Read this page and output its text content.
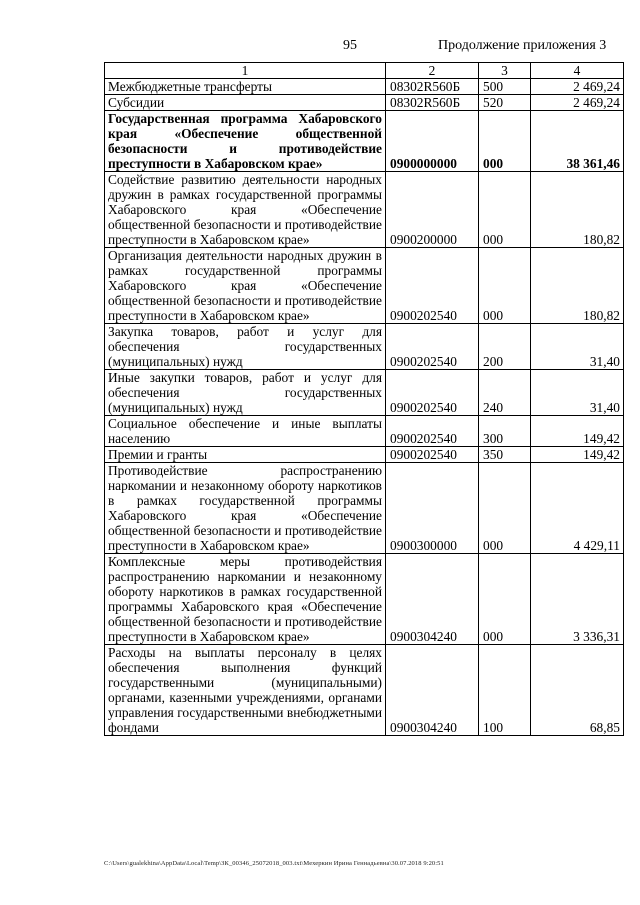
95	Продолжение приложения 3
1	2	3	4
Межбюджетные трансферты	08302R560Б	500	2 469,24
Субсидии	08302R560Б	520	2 469,24
Государственная программа Хабаровского края «Обеспечение общественной безопасности и противодействие преступности в Хабаровском крае»	0900000000	000	38 361,46
Содействие развитию деятельности народных дружин в рамках государственной программы Хабаровского края «Обеспечение общественной безопасности и противодействие преступности в Хабаровском крае»	0900200000	000	180,82
Организация деятельности народных дружин в рамках государственной программы Хабаровского края «Обеспечение общественной безопасности и противодействие преступности в Хабаровском крае»	0900202540	000	180,82
Закупка товаров, работ и услуг для обеспечения государственных (муниципальных) нужд	0900202540	200	31,40
Иные закупки товаров, работ и услуг для обеспечения государственных (муниципальных) нужд	0900202540	240	31,40
Социальное обеспечение и иные выплаты населению	0900202540	300	149,42
Премии и гранты	0900202540	350	149,42
Противодействие распространению наркомании и незаконному обороту наркотиков в рамках государственной программы Хабаровского края «Обеспечение общественной безопасности и противодействие преступности в Хабаровском крае»	0900300000	000	4 429,11
Комплексные меры противодействия распространению наркомании и незаконному обороту наркотиков в рамках государственной программы Хабаровского края «Обеспечение общественной безопасности и противодействие преступности в Хабаровском крае»	0900304240	000	3 336,31
Расходы на выплаты персоналу в целях обеспечения выполнения функций государственными (муниципальными) органами, казенными учреждениями, органами управления государственными внебюджетными фондами	0900304240	100	68,85
C:\Users\gualekhina\AppData\Local\Temp\ЗК_00346_25072018_003.txt\Мехеркин Ирина Геннадьевна\30.07.2018 9:20:51
